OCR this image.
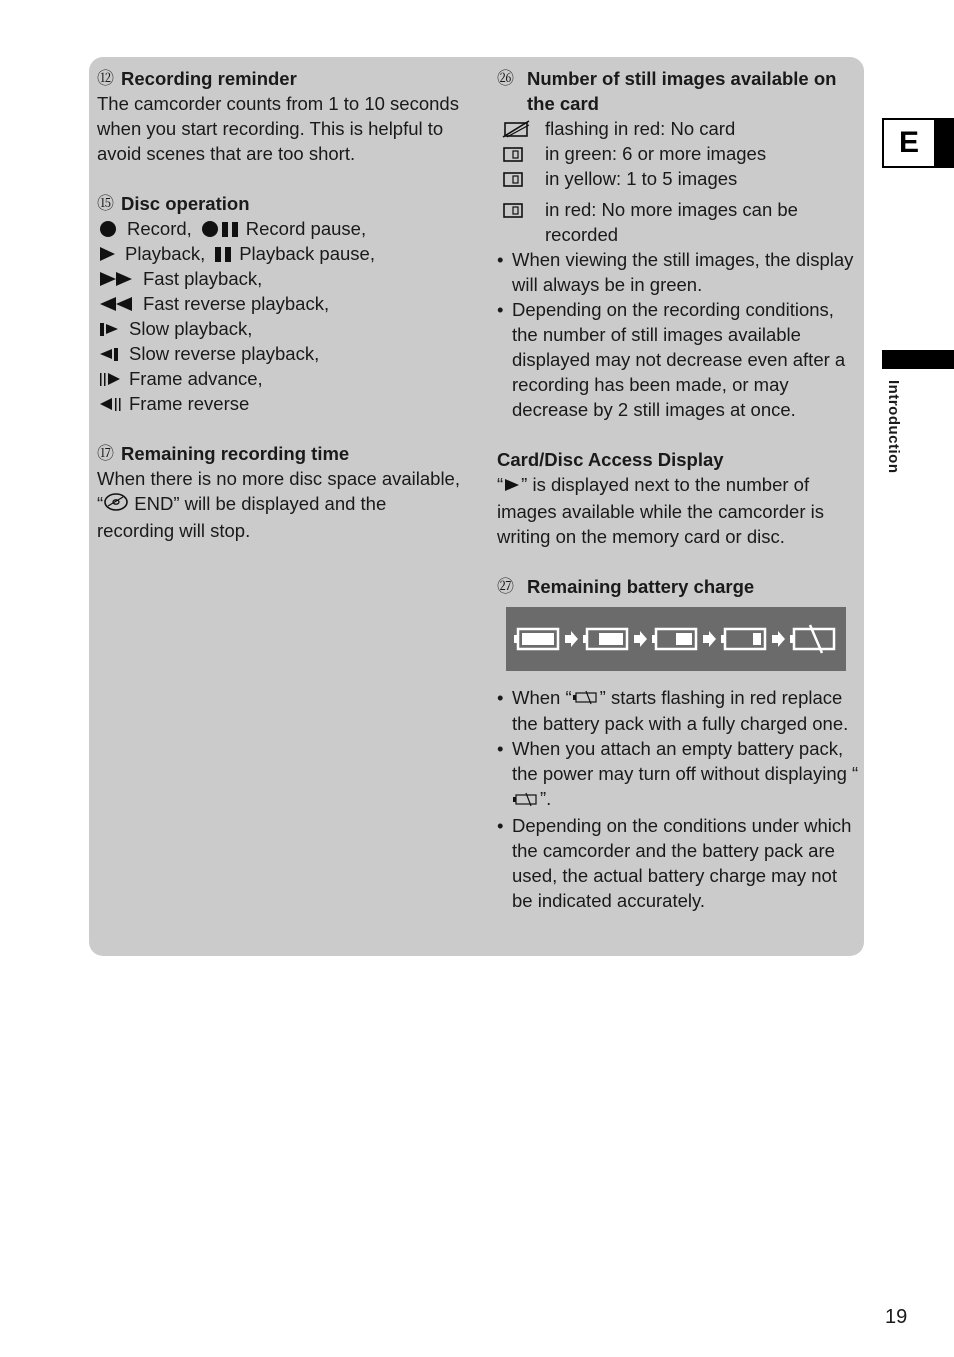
⑫ Recording reminder

The camcorder counts from 1 to 10 seconds when you start recording. This is helpful to avoid scenes that are too short.

⑮ Disc operation
Record,	Record pause,
Playback, Playback pause,
Fast playback,
Fast reverse playback,
Slow playback,
Slow reverse playback,
Frame advance,
Frame reverse
⑰ Remaining recording time

When there is no more disc space available, “ END” will be displayed and the recording will stop.

㉖ Number of still images available on the card
flashing in red: No card
in green: 6 or more images
in yellow: 1 to 5 images
in red: No more images can be recorded
• When viewing the still images, the display will always be in green.
• Depending on the recording conditions, the number of still images available displayed may not decrease even after a recording has been made, or may decrease by 2 still images at once.
Card/Disc Access Display

“ ” is displayed next to the number of images available while the camcorder is writing on the memory card or disc.

㉗ Remaining battery charge
• When “ ” starts flashing in red replace the battery pack with a fully charged one.
• When you attach an empty battery pack, the power may turn off without displaying “”.
• Depending on the conditions under which the camcorder and the battery pack are used, the actual battery charge may not be indicated accurately.
E
Introduction
19
